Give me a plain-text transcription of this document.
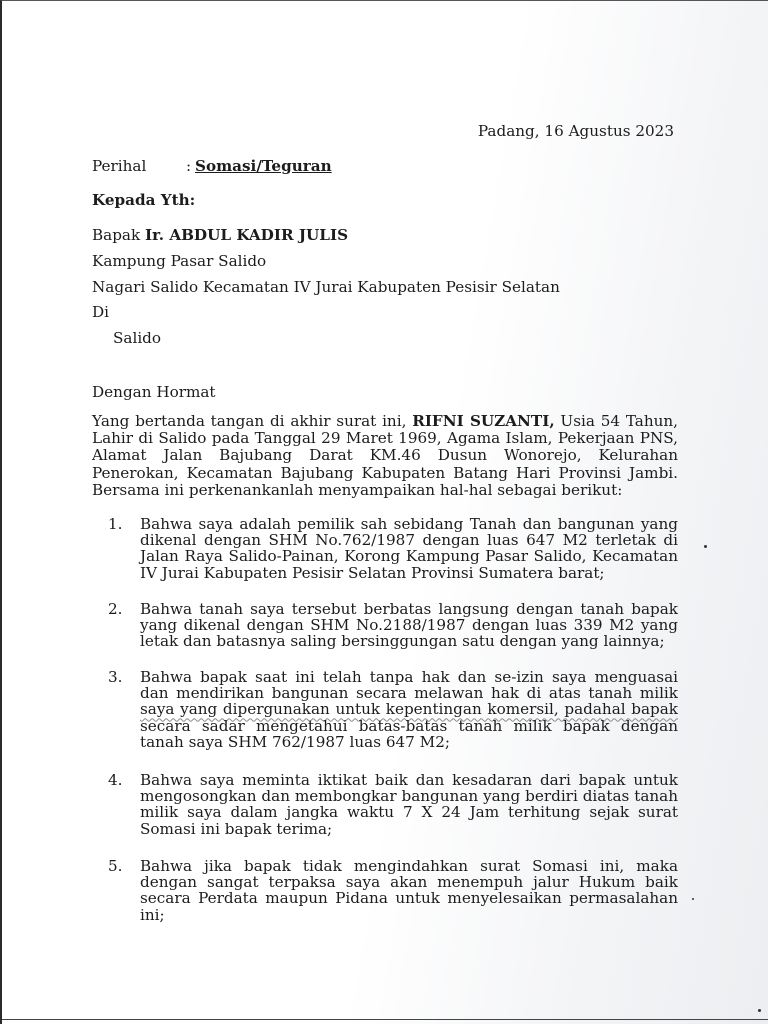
Padang, 16 Agustus 2023
Perihal	: Somasi/Teguran
Kepada Yth:
Bapak Ir. ABDUL KADIR JULIS
Kampung Pasar Salido
Nagari Salido Kecamatan IV Jurai Kabupaten Pesisir Selatan
Di
Salido
Dengan Hormat
Yang bertanda tangan di akhir surat ini, RIFNI SUZANTI, Usia 54 Tahun,
Lahir di Salido pada Tanggal 29 Maret 1969, Agama Islam, Pekerjaan PNS,
Alamat Jalan Bajubang Darat KM.46 Dusun Wonorejo, Kelurahan
Penerokan, Kecamatan Bajubang Kabupaten Batang Hari Provinsi Jambi.
Bersama ini perkenankanlah menyampaikan hal-hal sebagai berikut:
1. Bahwa saya adalah pemilik sah sebidang Tanah dan bangunan yang
dikenal dengan SHM No.762/1987 dengan luas 647 M2 terletak di
Jalan Raya Salido-Painan, Korong Kampung Pasar Salido, Kecamatan
IV Jurai Kabupaten Pesisir Selatan Provinsi Sumatera barat;
2. Bahwa tanah saya tersebut berbatas langsung dengan tanah bapak
yang dikenal dengan SHM No.2188/1987 dengan luas 339 M2 yang
letak dan batasnya saling bersinggungan satu dengan yang lainnya;
3. Bahwa bapak saat ini telah tanpa hak dan se-izin saya menguasai
dan mendirikan bangunan secara melawan hak di atas tanah milik
saya yang dipergunakan untuk kepentingan komersil, padahal bapak
secara sadar mengetahui batas-batas tanah milik bapak dengan
tanah saya SHM 762/1987 luas 647 M2;
4. Bahwa saya meminta iktikat baik dan kesadaran dari bapak untuk
mengosongkan dan membongkar bangunan yang berdiri diatas tanah
milik saya dalam jangka waktu 7 X 24 Jam terhitung sejak surat
Somasi ini bapak terima;
5. Bahwa jika bapak tidak mengindahkan surat Somasi ini, maka
dengan sangat terpaksa saya akan menempuh jalur Hukum baik
secara Perdata maupun Pidana untuk menyelesaikan permasalahan
ini;
